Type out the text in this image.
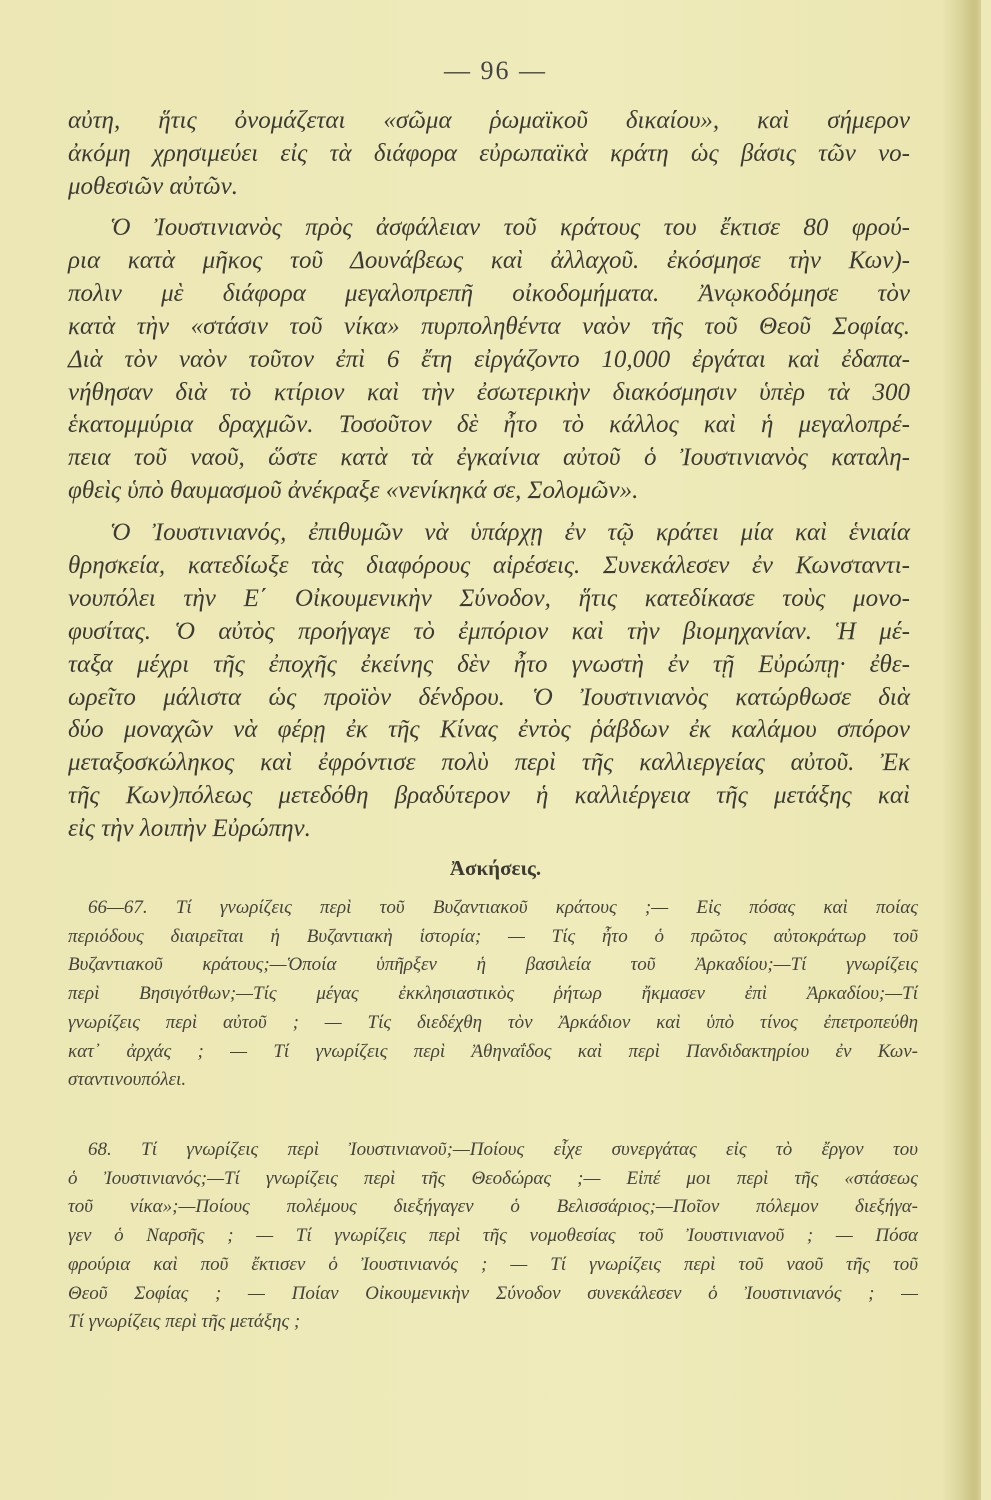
— 96 —
αὐτη, ἥτις ὀνομάζεται «σῶμα ῥωμαϊκοῦ δικαίου», καὶ σήμερον
ἀκόμη χρησιμεύει εἰς τὰ διάφορα εὐρωπαϊκὰ κράτη ὡς βάσις τῶν νο-
μοθεσιῶν αὐτῶν.
Ὁ Ἰουστινιανὸς πρὸς ἀσφάλειαν τοῦ κράτους του ἔκτισε 80 φρού-
ρια κατὰ μῆκος τοῦ Δουνάβεως καὶ ἀλλαχοῦ. ἐκόσμησε τὴν Κων)-
πολιν μὲ διάφορα μεγαλοπρεπῆ οἰκοδομήματα. Ἀνῳκοδόμησε τὸν
κατὰ τὴν «στάσιν τοῦ νίκα» πυρποληθέντα ναὸν τῆς τοῦ Θεοῦ Σοφίας.
Διὰ τὸν ναὸν τοῦτον ἐπὶ 6 ἔτη εἰργάζοντο 10,000 ἐργάται καὶ ἐδαπα-
νήθησαν διὰ τὸ κτίριον καὶ τὴν ἐσωτερικὴν διακόσμησιν ὑπὲρ τὰ 300
ἑκατομμύρια δραχμῶν. Τοσοῦτον δὲ ἦτο τὸ κάλλος καὶ ἡ μεγαλοπρέ-
πεια τοῦ ναοῦ, ὥστε κατὰ τὰ ἐγκαίνια αὐτοῦ ὁ Ἰουστινιανὸς καταλη-
φθεὶς ὑπὸ θαυμασμοῦ ἀνέκραξε «νενίκηκά σε, Σολομῶν».
Ὁ Ἰουστινιανός, ἐπιθυμῶν νὰ ὑπάρχῃ ἐν τῷ κράτει μία καὶ ἑνιαία
θρησκεία, κατεδίωξε τὰς διαφόρους αἱρέσεις. Συνεκάλεσεν ἐν Κωνσταντι-
νουπόλει τὴν Ε΄ Οἰκουμενικὴν Σύνοδον, ἥτις κατεδίκασε τοὺς μονο-
φυσίτας. Ὁ αὐτὸς προήγαγε τὸ ἐμπόριον καὶ τὴν βιομηχανίαν. Ἡ μέ-
ταξα μέχρι τῆς ἐποχῆς ἐκείνης δὲν ἦτο γνωστὴ ἐν τῇ Εὐρώπῃ· ἐθε-
ωρεῖτο μάλιστα ὡς προϊὸν δένδρου. Ὁ Ἰουστινιανὸς κατώρθωσε διὰ
δύο μοναχῶν νὰ φέρῃ ἐκ τῆς Κίνας ἐντὸς ῥάβδων ἐκ καλάμου σπόρον
μεταξοσκώληκος καὶ ἐφρόντισε πολὺ περὶ τῆς καλλιεργείας αὐτοῦ. Ἐκ
τῆς Κων)πόλεως μετεδόθη βραδύτερον ἡ καλλιέργεια τῆς μετάξης καὶ
εἰς τὴν λοιπὴν Εὐρώπην.
Ἀσκήσεις.
66—67. Τί γνωρίζεις περὶ τοῦ Βυζαντιακοῦ κράτους ;— Εἰς πόσας καὶ ποίας
περιόδους διαιρεῖται ἡ Βυζαντιακὴ ἱστορία; — Τίς ἦτο ὁ πρῶτος αὐτοκράτωρ τοῦ
Βυζαντιακοῦ κράτους;—Ὁποία ὑπῆρξεν ἡ βασιλεία τοῦ Ἀρκαδίου;—Τί γνωρίζεις
περὶ Βησιγότθων;—Τίς μέγας ἐκκλησιαστικὸς ῥήτωρ ἤκμασεν ἐπὶ Ἀρκαδίου;—Τί
γνωρίζεις περὶ αὐτοῦ ; — Τίς διεδέχθη τὸν Ἀρκάδιον καὶ ὑπὸ τίνος ἐπετροπεύθη
κατ᾿ ἀρχάς ; — Τί γνωρίζεις περὶ Ἀθηναΐδος καὶ περὶ Πανδιδακτηρίου ἐν Κων-
σταντινουπόλει.
68. Τί γνωρίζεις περὶ Ἰουστινιανοῦ;—Ποίους εἶχε συνεργάτας εἰς τὸ ἔργον του
ὁ Ἰουστινιανός;—Τί γνωρίζεις περὶ τῆς Θεοδώρας ;— Εἰπέ μοι περὶ τῆς «στάσεως
τοῦ νίκα»;—Ποίους πολέμους διεξήγαγεν ὁ Βελισσάριος;—Ποῖον πόλεμον διεξήγα-
γεν ὁ Ναρσῆς ; — Τί γνωρίζεις περὶ τῆς νομοθεσίας τοῦ Ἰουστινιανοῦ ; — Πόσα
φρούρια καὶ ποῦ ἔκτισεν ὁ Ἰουστινιανός ; — Τί γνωρίζεις περὶ τοῦ ναοῦ τῆς τοῦ
Θεοῦ Σοφίας ; — Ποίαν Οἰκουμενικὴν Σύνοδον συνεκάλεσεν ὁ Ἰουστινιανός ; —
Τί γνωρίζεις περὶ τῆς μετάξης ;
